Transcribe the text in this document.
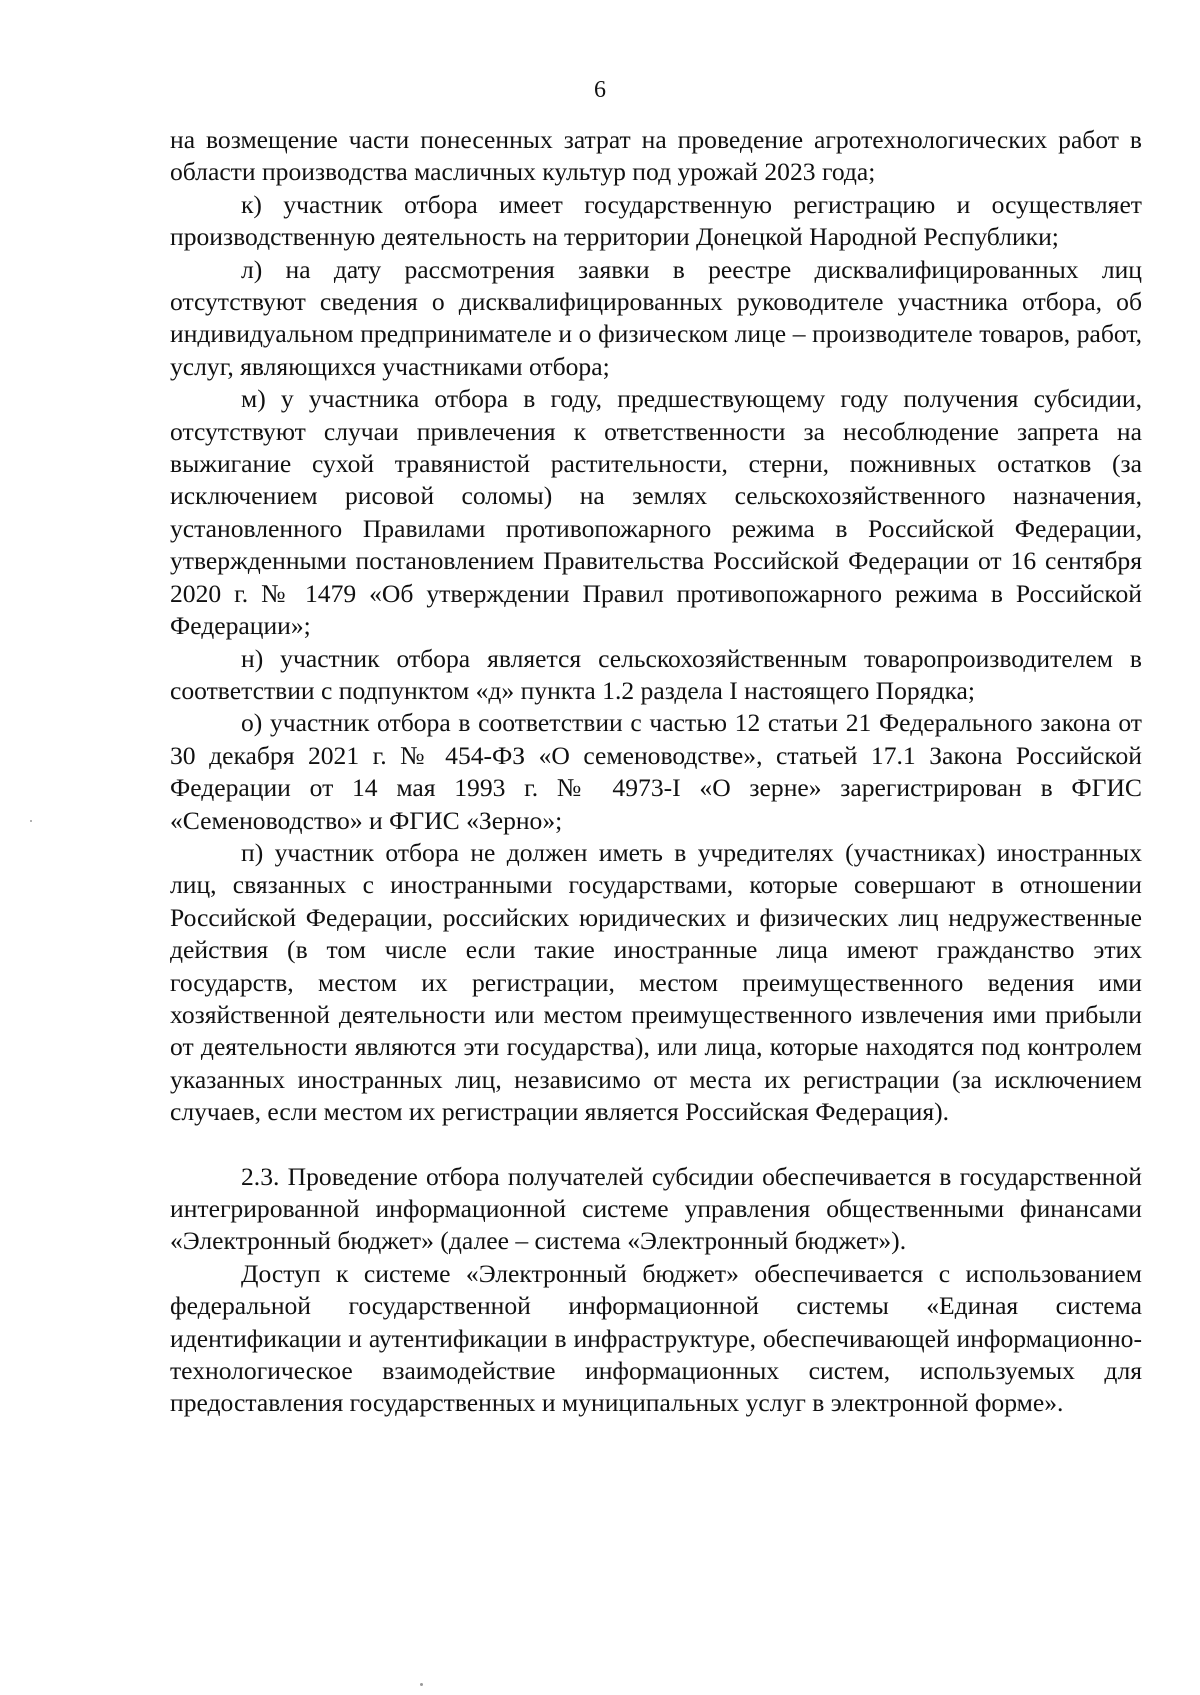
6

на возмещение части понесенных затрат на проведение агротехнологических работ в области производства масличных культур под урожай 2023 года;

к) участник отбора имеет государственную регистрацию и осуществляет производственную деятельность на территории Донецкой Народной Республики;

л) на дату рассмотрения заявки в реестре дисквалифицированных лиц отсутствуют сведения о дисквалифицированных руководителе участника отбора, об индивидуальном предпринимателе и о физическом лице – производителе товаров, работ, услуг, являющихся участниками отбора;

м) у участника отбора в году, предшествующему году получения субсидии, отсутствуют случаи привлечения к ответственности за несоблюдение запрета на выжигание сухой травянистой растительности, стерни, пожнивных остатков (за исключением рисовой соломы) на землях сельскохозяйственного назначения, установленного Правилами противопожарного режима в Российской Федерации, утвержденными постановлением Правительства Российской Федерации от 16 сентября 2020 г. № 1479 «Об утверждении Правил противопожарного режима в Российской Федерации»;

н) участник отбора является сельскохозяйственным товаропроизводителем в соответствии с подпунктом «д» пункта 1.2 раздела I настоящего Порядка;

о) участник отбора в соответствии с частью 12 статьи 21 Федерального закона от 30 декабря 2021 г. № 454-ФЗ «О семеноводстве», статьей 17.1 Закона Российской Федерации от 14 мая 1993 г. № 4973-I «О зерне» зарегистрирован в ФГИС «Семеноводство» и ФГИС «Зерно»;

п) участник отбора не должен иметь в учредителях (участниках) иностранных лиц, связанных с иностранными государствами, которые совершают в отношении Российской Федерации, российских юридических и физических лиц недружественные действия (в том числе если такие иностранные лица имеют гражданство этих государств, местом их регистрации, местом преимущественного ведения ими хозяйственной деятельности или местом преимущественного извлечения ими прибыли от деятельности являются эти государства), или лица, которые находятся под контролем указанных иностранных лиц, независимо от места их регистрации (за исключением случаев, если местом их регистрации является Российская Федерация).

2.3. Проведение отбора получателей субсидии обеспечивается в государственной интегрированной информационной системе управления общественными финансами «Электронный бюджет» (далее – система «Электронный бюджет»).

Доступ к системе «Электронный бюджет» обеспечивается с использованием федеральной государственной информационной системы «Единая система идентификации и аутентификации в инфраструктуре, обеспечивающей информационно-технологическое взаимодействие информационных систем, используемых для предоставления государственных и муниципальных услуг в электронной форме».
